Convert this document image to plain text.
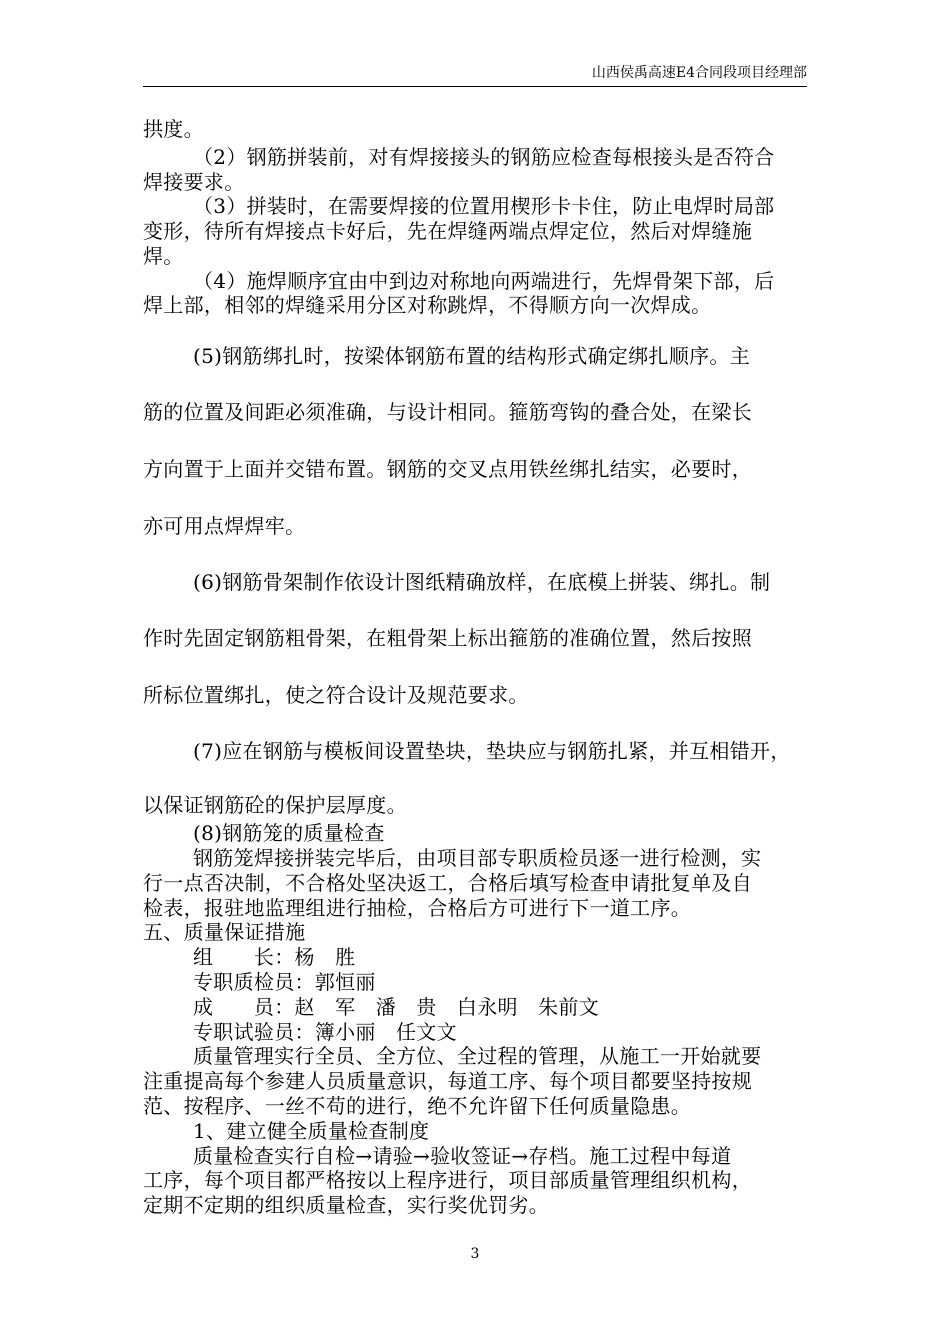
山西侯禹高速E4合同段项目经理部
拱度。
（2）钢筋拼装前，对有焊接接头的钢筋应检查每根接头是否符合
焊接要求。
（3）拼装时，在需要焊接的位置用楔形卡卡住，防止电焊时局部
变形，待所有焊接点卡好后，先在焊缝两端点焊定位，然后对焊缝施
焊。
（4）施焊顺序宜由中到边对称地向两端进行，先焊骨架下部，后
焊上部，相邻的焊缝采用分区对称跳焊，不得顺方向一次焊成。
(5)钢筋绑扎时，按梁体钢筋布置的结构形式确定绑扎顺序。主
筋的位置及间距必须准确，与设计相同。箍筋弯钩的叠合处，在梁长
方向置于上面并交错布置。钢筋的交叉点用铁丝绑扎结实，必要时，
亦可用点焊焊牢。
(6)钢筋骨架制作依设计图纸精确放样，在底模上拼装、绑扎。制
作时先固定钢筋粗骨架，在粗骨架上标出箍筋的准确位置，然后按照
所标位置绑扎，使之符合设计及规范要求。
(7)应在钢筋与模板间设置垫块，垫块应与钢筋扎紧，并互相错开，
以保证钢筋砼的保护层厚度。
(8)钢筋笼的质量检查
钢筋笼焊接拼装完毕后，由项目部专职质检员逐一进行检测，实
行一点否决制，不合格处坚决返工，合格后填写检查申请批复单及自
检表，报驻地监理组进行抽检，合格后方可进行下一道工序。
五、质量保证措施
组　　长：杨　胜
专职质检员：郭恒丽
成　　员：赵　军　潘　贵　白永明　朱前文
专职试验员：簿小丽　任文文
质量管理实行全员、全方位、全过程的管理，从施工一开始就要
注重提高每个参建人员质量意识，每道工序、每个项目都要坚持按规
范、按程序、一丝不苟的进行，绝不允许留下任何质量隐患。
1、建立健全质量检查制度
质量检查实行自检→请验→验收签证→存档。施工过程中每道
工序，每个项目都严格按以上程序进行，项目部质量管理组织机构，
定期不定期的组织质量检查，实行奖优罚劣。
3
